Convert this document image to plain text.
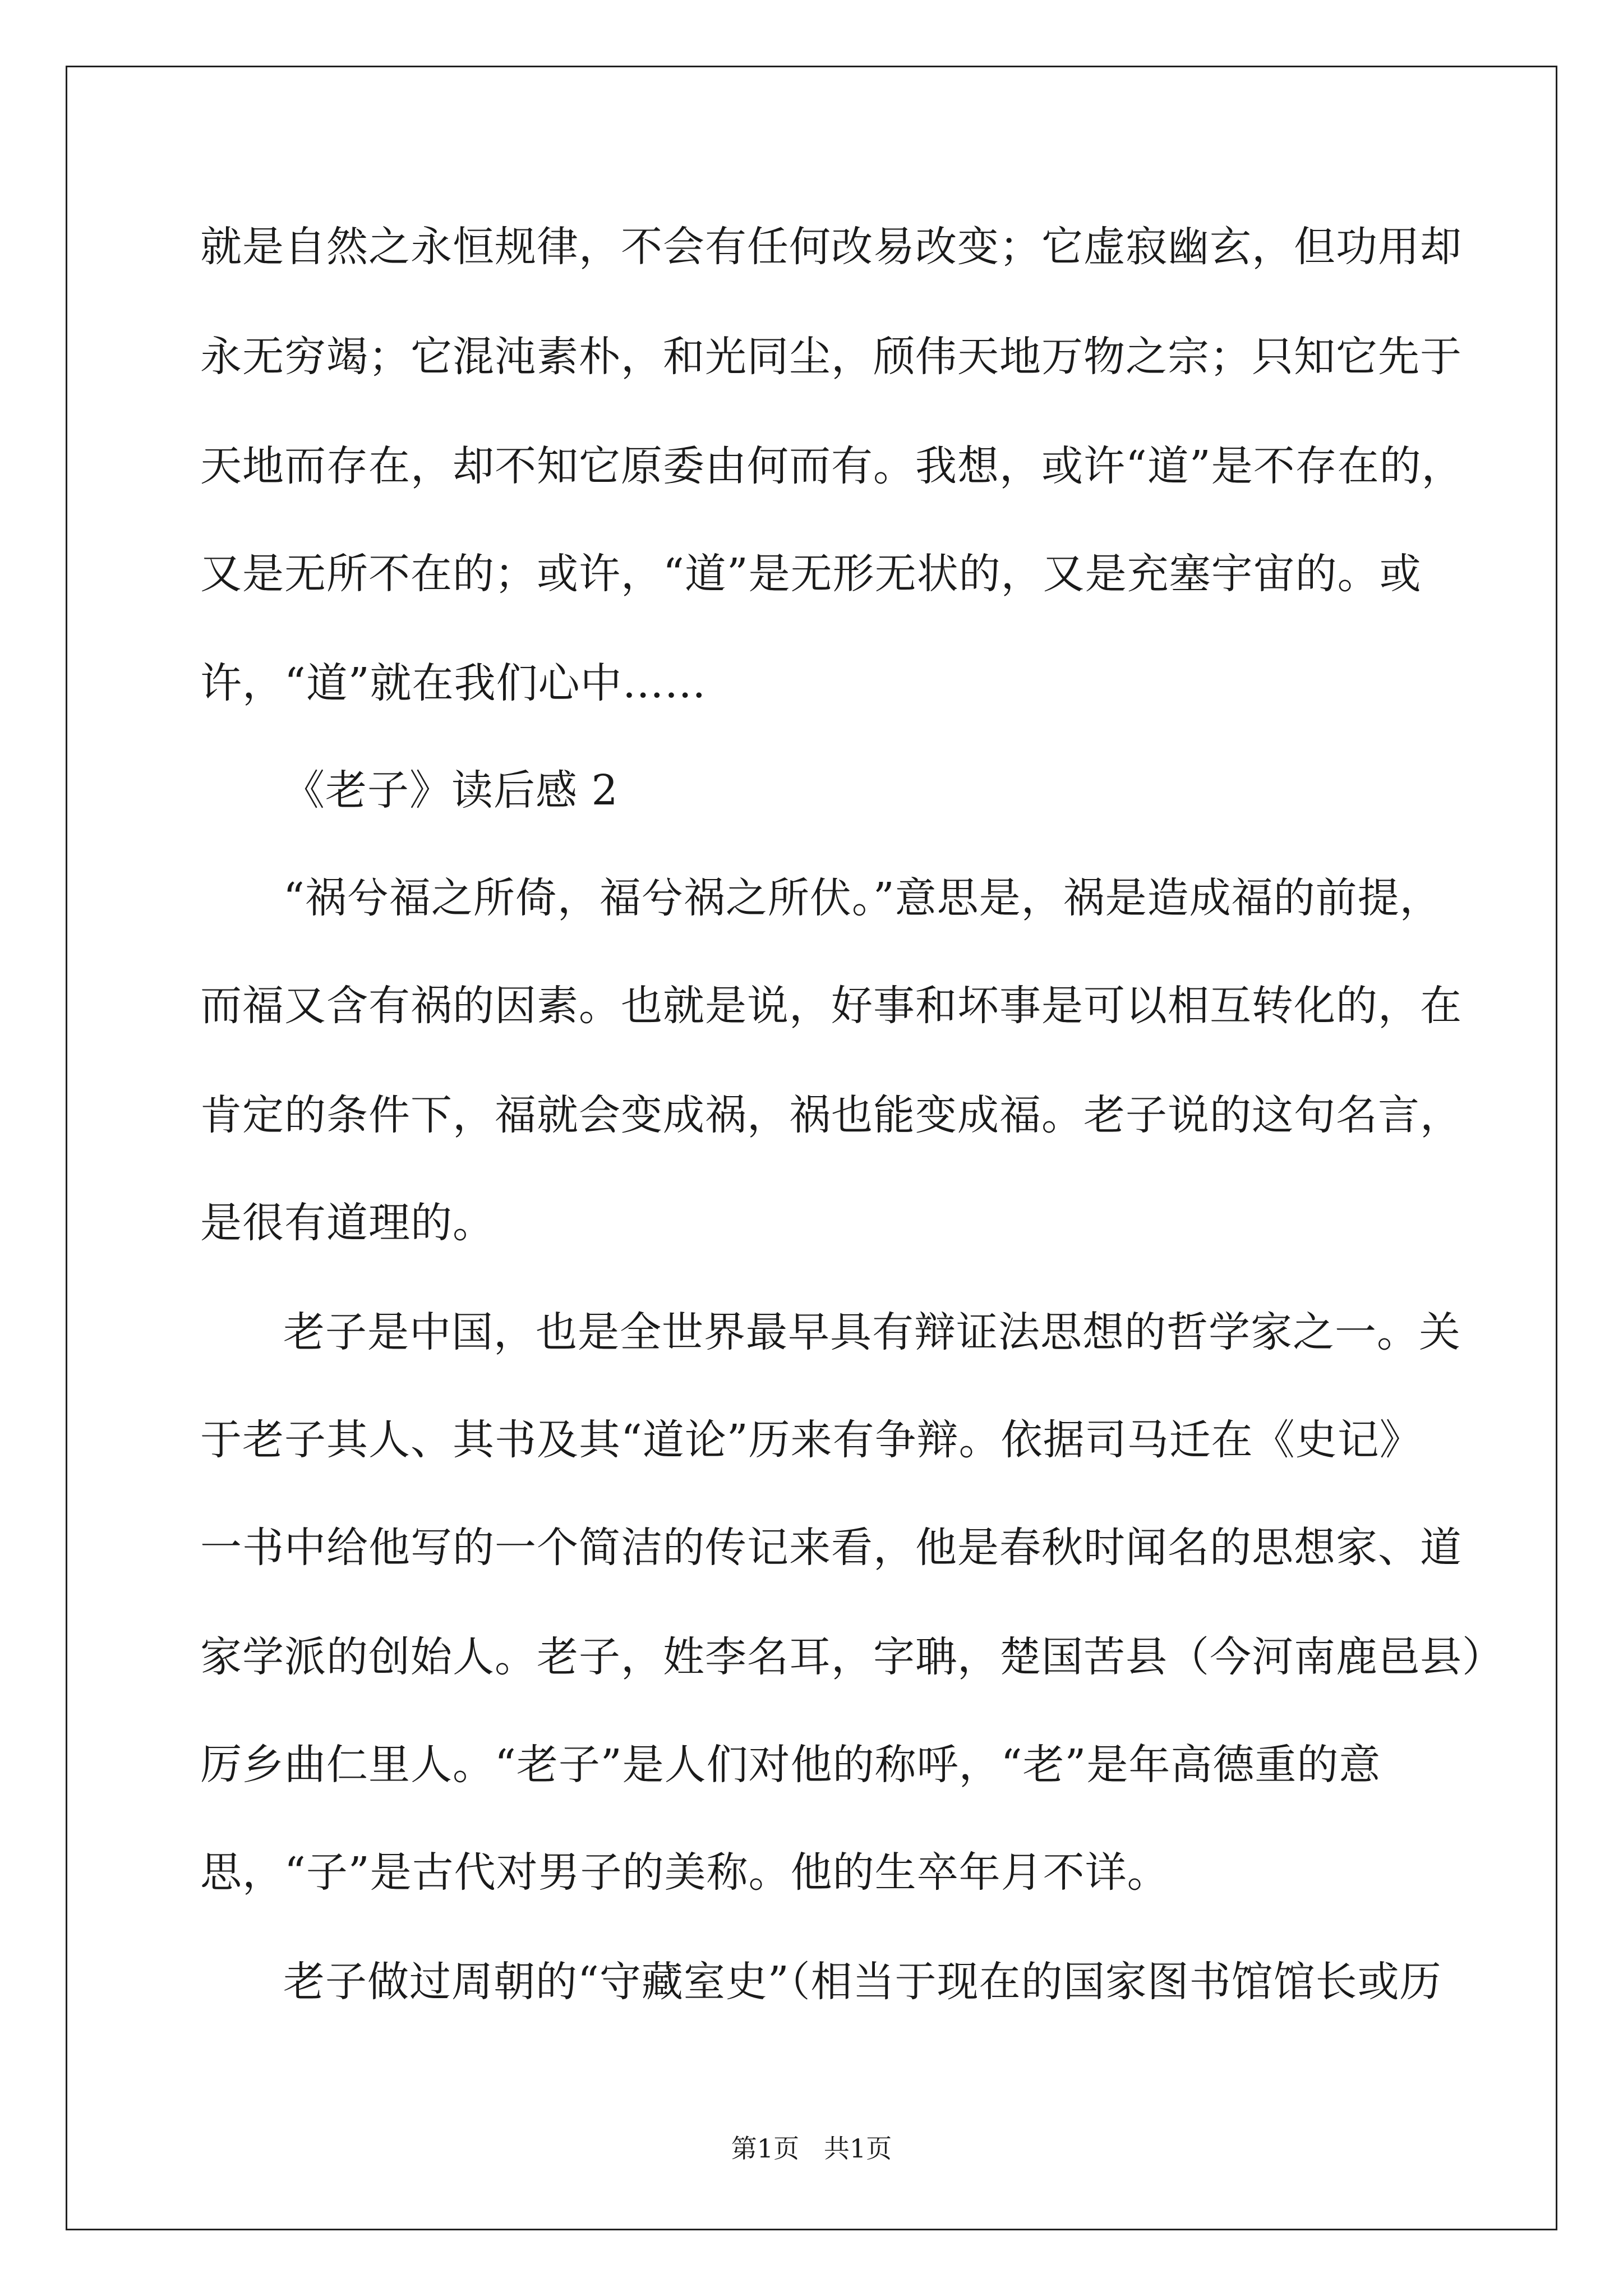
就是自然之永恒规律，不会有任何改易改变；它虚寂幽玄，但功用却
永无穷竭；它混沌素朴，和光同尘，颀伟天地万物之宗；只知它先于
天地而存在，却不知它原委由何而有。我想，或许“道”是不存在的，
又是无所不在的；或许，“道”是无形无状的，又是充塞宇宙的。或
许，“道”就在我们心中……
《老子》读后感 2
“祸兮福之所倚，福兮祸之所伏。”意思是，祸是造成福的前提，
而福又含有祸的因素。也就是说，好事和坏事是可以相互转化的，在
肯定的条件下，福就会变成祸，祸也能变成福。老子说的这句名言，
是很有道理的。
老子是中国，也是全世界最早具有辩证法思想的哲学家之一。关
于老子其人、其书及其“道论”历来有争辩。依据司马迁在《史记》
一书中给他写的一个简洁的传记来看，他是春秋时闻名的思想家、道
家学派的创始人。老子，姓李名耳，字聃，楚国苦县（今河南鹿邑县）
厉乡曲仁里人。“老子”是人们对他的称呼，“老”是年高德重的意
思，“子”是古代对男子的美称。他的生卒年月不详。
老子做过周朝的“守藏室史”（相当于现在的国家图书馆馆长或历
第1页   共1页
